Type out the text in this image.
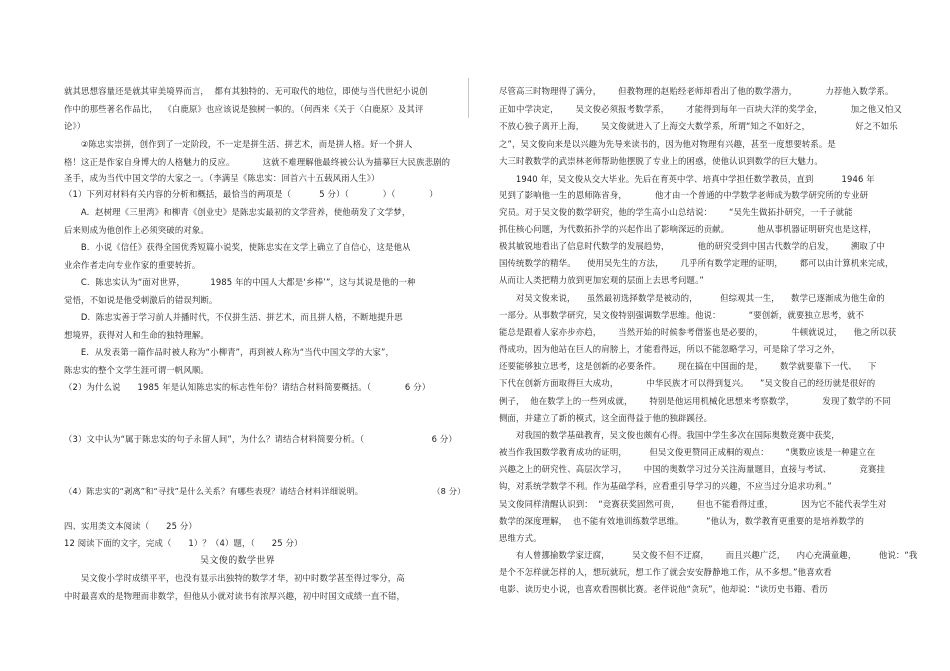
就其思想容量还是就其审美境界而言，  都有其独特的、无可取代的地位，即使与当代世纪小说创
作中的那些著名作品比，  《白鹿原》也应该说是独树一帜的。（何西来《关于〈白鹿原〉及其评
论》）
②陈忠实崇拼，创作到了一定阶段，不一定是拼生活、拼艺术，而是拼人格。好一个拼人
格！这正是作家自身博大的人格魅力的反应。          这就不难理解他最终被公认为描摹巨大民族悲剧的
圣手，成为当代中国文学的大家之一。（李满呈《陈忠实：回首六十五载风雨人生》）
（1）下列对材料有关内容的分析和概括，最恰当的两项是（          5 分）（            ）（            ）
A.  赵树理《三里湾》和柳青《创业史》是陈忠实最初的文学营养，使他萌发了文学梦，
后来则成为他创作上必须突破的对象。
B.  小说《信任》获得全国优秀短篇小说奖，使陈忠实在文学上确立了自信心，这是他从
业余作者走向专业作家的重要转折。
C.  陈忠实认为“面对世界，         1985 年的中国人大都是‘乡棒’”，这与其说是他的一种
觉悟，不如说是他受刺激后的错误判断。
D.  陈忠实善于学习前人并播时代，不仅拼生活、拼艺术，而且拼人格，不断地提升思
想境界，获得对人和生命的独特理解。
E.  从发表第一篇作品时被人称为“小柳青”，再到被人称为“当代中国文学的大家”，
陈忠实的整个文学生涯可谓一帆风顺。
（2）为什么说      1985 年是认知陈忠实的标志性年份？请结合材料简要概括。（            6 分）
（3）文中认为“属于陈忠实的句子永留人间”，为什么？请结合材料简要分析。（                        6 分）
（4）陈忠实的“剥离”和“寻找”是什么关系？有哪些表现？请结合材料详细说明。                         （8 分）
四、实用类文本阅读（      25 分）
12 阅读下面的文字，完成（      1）？（4）题，（      25 分）
吴文俊的数学世界
吴文俊小学时成绩平平，也没有显示出独特的数学才华，初中时数学甚至得过零分，高
中时最喜欢的是物理而非数学，但他从小就对读书有浓厚兴趣，初中时国文成绩一直不错，
尽管高三时物理得了满分，      但教物理的赵贻经老师却看出了他的数学潜力，          力荐他入数学系。
正如中学决定，      吴文俊必须报考数学系，      才能得到每年一百块大洋的奖学金，          加之他又怕又
不放心独子离开上海，      吴文俊就进入了上海交大数学系，所谓“知之不如好之，                好之不如乐
之”，吴文俊向来是以兴趣为先导来读书的，因为他对物理有兴趣，甚至一度想要转系。是
大三时教数学的武崇林老师帮助他摆脱了专业上的困惑，使他认识到数学的巨大魅力。
1940 年，吴文俊从交大毕业。先后在育英中学、培真中学担任数学教员，直到          1946 年
见到了影响他一生的恩师陈省身，          他才由一个普通的中学数学老师成为数学研究所的专业研
究员。对于吴文俊的数学研究，他的学生高小山总结说：      “吴先生做拓扑研究，一千子就能
抓住核心问题，为代数拓扑学的兴起作出了影响深远的贡献。          他从事机器证明研究也是这样，
极其敏锐地看出了信息时代数学的发展趋势，          他的研究受到中国古代数学的启发，      溯取了中
国传统数学的精华。    使用吴先生的方法，      几乎所有数学定理的证明，      都可以由计算机来完成，
从而让人类把精力放到更加宏观的层面上去思考问题。”
对吴文俊来说，    虽然最初选择数学是被动的，        但综观其一生，    数学已逐渐成为他生命的
一部分。从事数学研究，吴文俊特别强调数学思维。他说：          “要创新，就要独立思考，就不
能总是跟着人家亦步亦趋，      当然开始的时候参考借鉴也是必要的，          牛顿就说过，    他之所以获
得成功，因为他站在巨人的肩膀上，才能看得远，所以不能忽略学习，可是除了学习之外，
还要能够独立思考，这是创新的必要条件。      现在搞在中国面的是，      数学就要靠下一代、    下
下代在创新方面取得巨大成功，          中华民族才可以得到复兴。    ”吴文俊自己的经历就是很好的
例子，  他在数学上的一些列成就，      特别是他运用机械化思想来考察数学，          发现了数学的不同
侧面，并建立了新的模式，这全面得益于他的独辟蹊径。
对我国的数学基础教育，吴文俊也颇有心得。我国中学生多次在国际奥数竞赛中获奖，
被当作我国数学教育成功的证明，        但吴文俊更赞同正成桐的观点：      “奥数应该是一种建立在
兴趣之上的研究性、高层次学习，      中国的奥数学习过分关注海量题目，直接与考试、          竞赛挂
钩，对系统学数学不利。作为基础学科，应看重引导学习的兴趣，不应当过分追求功利。”
吴文俊同样清醒认识到：  “竞赛获奖固然可贵，      但也不能看得过重，          因为它不能代表学生对
数学的深度理解，  也不能有效地训练数学思维。        ”他认为，数学教育更重要的是培养数学的
思维方式。
有人曾挪揄数学家迂腐，        吴文俊不但不迂腐，      而且兴趣广泛，    内心充满童趣，        他说：“我
是个不怎样就怎样的人，想玩就玩，想工作了就会安安静静地工作，从不多想。”他喜欢看
电影、读历史小说，也喜欢看围棋比赛。老伴说他“贪玩”，他却说：“读历史书籍、看历
